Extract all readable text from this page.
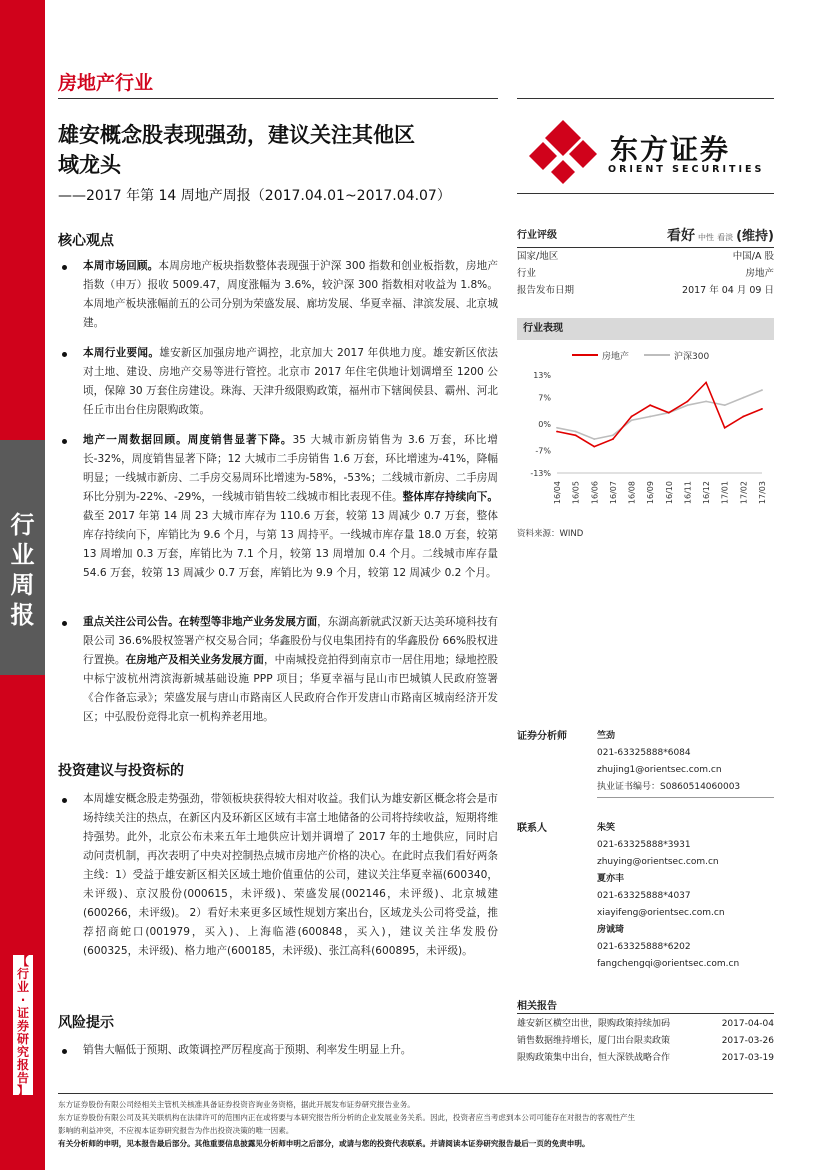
行
业
周
报
【
行
业
·
证
券
研
究
报
告
】
房地产行业
雄安概念股表现强劲，建议关注其他区
域龙头
——2017 年第 14 周地产周报（2017.04.01~2017.04.07）
东方证券
ORIENT SECURITIES
核心观点
本周市场回顾。本周房地产板块指数整体表现强于沪深 300 指数和创业板指数，房地产指数（申万）报收 5009.47，周度涨幅为 3.6%，较沪深 300 指数相对收益为 1.8%。本周地产板块涨幅前五的公司分别为荣盛发展、廊坊发展、华夏幸福、津滨发展、北京城建。
本周行业要闻。雄安新区加强房地产调控，北京加大 2017 年供地力度。雄安新区依法对土地、建设、房地产交易等进行管控。北京市 2017 年住宅供地计划调增至 1200 公顷，保障 30 万套住房建设。珠海、天津升级限购政策，福州市下辖闽侯县、霸州、河北任丘市出台住房限购政策。
地产一周数据回顾。周度销售显著下降。35 大城市新房销售为 3.6 万套，环比增长-32%，周度销售显著下降；12 大城市二手房销售 1.6 万套，环比增速为-41%，降幅明显；一线城市新房、二手房交易周环比增速为-58%，-53%；二线城市新房、二手房周环比分别为-22%、-29%，一线城市销售较二线城市相比表现不佳。整体库存持续向下。截至 2017 年第 14 周 23 大城市库存为 110.6 万套，较第 13 周减少 0.7 万套，整体库存持续向下，库销比为 9.6 个月，与第 13 周持平。一线城市库存量 18.0 万套，较第 13 周增加 0.3 万套，库销比为 7.1 个月，较第 13 周增加 0.4 个月。二线城市库存量 54.6 万套，较第 13 周减少 0.7 万套，库销比为 9.9 个月，较第 12 周减少 0.2 个月。
重点关注公司公告。在转型等非地产业务发展方面，东湖高新就武汉新天达美环境科技有限公司 36.6%股权签署产权交易合同；华鑫股份与仪电集团持有的华鑫股份 66%股权进行置换。在房地产及相关业务发展方面，中南城投竞拍得到南京市一居住用地；绿地控股中标宁波杭州湾滨海新城基础设施 PPP 项目；华夏幸福与昆山市巴城镇人民政府签署《合作备忘录》；荣盛发展与唐山市路南区人民政府合作开发唐山市路南区城南经济开发区；中弘股份竞得北京一机构养老用地。
投资建议与投资标的
本周雄安概念股走势强劲，带领板块获得较大相对收益。我们认为雄安新区概念将会是市场持续关注的热点，在新区内及环新区区域有丰富土地储备的公司将持续收益，短期将维持强势。此外，北京公布未来五年土地供应计划并调增了 2017 年的土地供应，同时启动问责机制，再次表明了中央对控制热点城市房地产价格的决心。在此时点我们看好两条主线：1）受益于雄安新区相关区域土地价值重估的公司，建议关注华夏幸福(600340，未评级)、京汉股份(000615，未评级)、荣盛发展(002146，未评级)、北京城建(600266，未评级)。 2）看好未来更多区域性规划方案出台，区域龙头公司将受益，推荐招商蛇口(001979，买入)、上海临港(600848，买入)，建议关注华发股份(600325，未评级)、格力地产(600185，未评级)、张江高科(600895，未评级)。
风险提示
销售大幅低于预期、政策调控严厉程度高于预期、利率发生明显上升。
行业评级	看好 中性 看淡 (维持)
国家/地区	中国/A 股
行业	房地产
报告发布日期	2017 年 04 月 09 日
行业表现
房地产	沪深300
13%
7%
0%
-7%
-13%
16/04 16/05 16/06 16/07 16/08 16/09 16/10 16/11 16/12 17/01 17/02 17/03
资料来源：WIND
证券分析师	竺劲
021-63325888*6084
zhujing1@orientsec.com.cn
执业证书编号：S0860514060003
联系人	朱笑
021-63325888*3931
zhuying@orientsec.com.cn
夏亦丰
021-63325888*4037
xiayifeng@orientsec.com.cn
房诚琦
021-63325888*6202
fangchengqi@orientsec.com.cn
相关报告
雄安新区横空出世，限购政策持续加码	2017-04-04
销售数据维持增长，厦门出台限卖政策	2017-03-26
限购政策集中出台，恒大深铁战略合作	2017-03-19
东方证券股份有限公司经相关主管机关核准具备证券投资咨询业务资格，据此开展发布证券研究报告业务。
东方证券股份有限公司及其关联机构在法律许可的范围内正在或将要与本研究报告所分析的企业发展业务关系。因此，投资者应当考虑到本公司可能存在对报告的客观性产生
影响的利益冲突，不应视本证券研究报告为作出投资决策的唯一因素。
有关分析师的申明，见本报告最后部分。其他重要信息披露见分析师申明之后部分，或请与您的投资代表联系。并请阅读本证券研究报告最后一页的免责申明。
